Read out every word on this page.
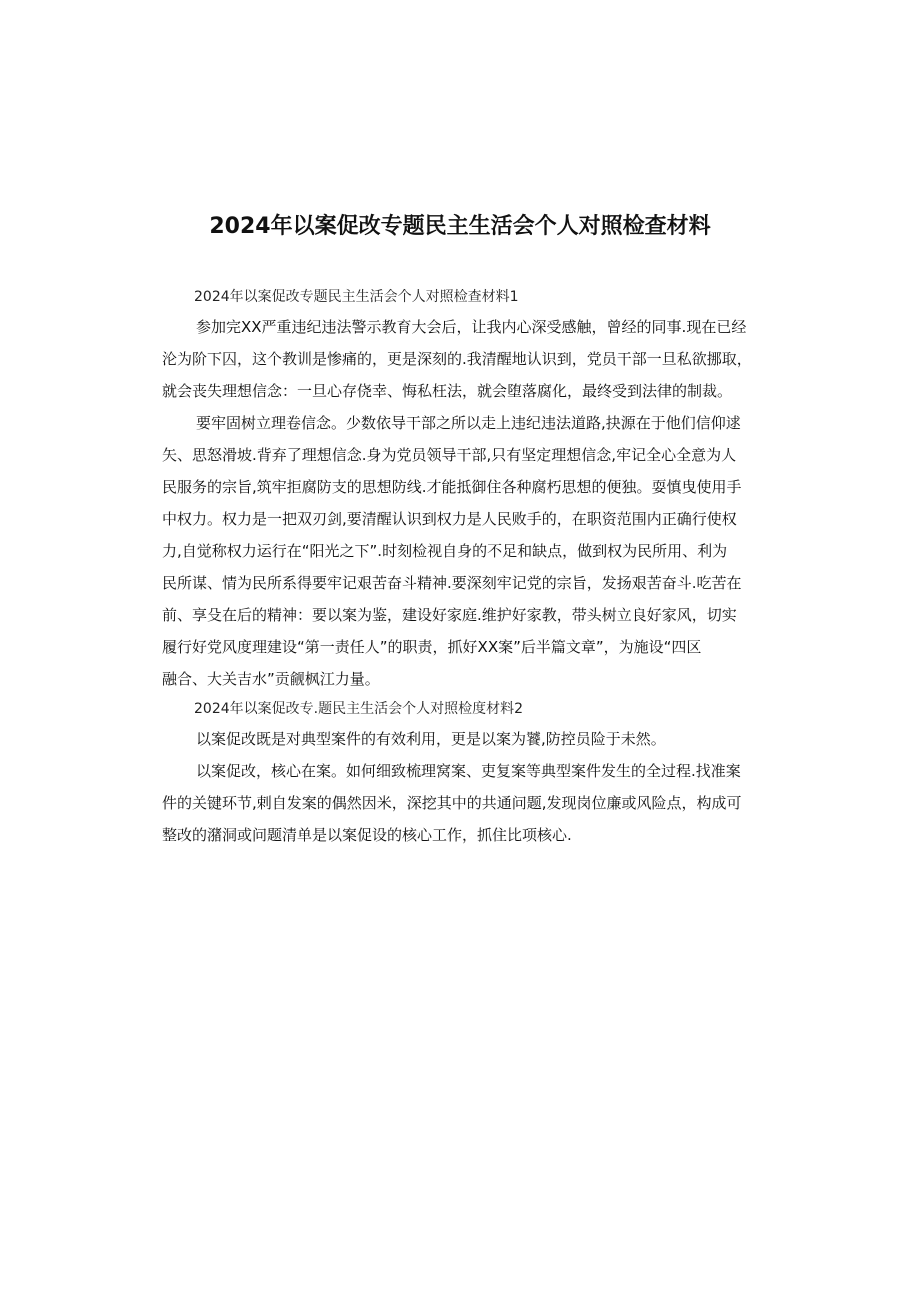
2024年以案促改专题民主生活会个人对照检查材料
2024年以案促改专题民主生活会个人对照检查材料1
参加完XX严重违纪违法警示教育大会后，让我内心深受感触，曾经的同事.现在已经
沦为阶下囚，这个教训是惨痛的，更是深刻的.我清醒地认识到，党员干部一旦私欲挪取，
就会丧失理想信念：一旦心存侥幸、悔私枉法，就会堕落腐化，最终受到法律的制裁。
要牢固树立理卷信念。少数依导干部之所以走上违纪违法道路,抉源在于他们信仰逑
矢、思怒滑坡.背弃了理想信念.身为党员领导干部,只有坚定理想信念,牢记全心全意为人
民服务的宗旨,筑牢拒腐防支的思想防线.才能抵御住各种腐朽思想的便独。耍慎曳使用手
中权力。权力是一把双刃剑,要清醒认识到权力是人民败手的，在职资范围内正确行使权
力,自觉称权力运行在“阳光之下”.时刻检视自身的不足和缺点，做到权为民所用、利为
民所谋、情为民所系得要牢记艰苦奋斗精神.要深刻牢记党的宗旨，发扬艰苦奋斗.吃苦在
前、享殳在后的精神：要以案为鉴，建设好家庭.维护好家教，带头树立良好家风，切实
履行好党风度理建设“第一责任人”的职责，抓好XX案”后半篇文章”，为施设“四区
融合、大关吉水”贡觎枫江力量。
2024年以案促改专.题民主生活会个人对照检度材料2
以案促改既是对典型案件的有效利用，更是以案为饕,防控员险于未然。
以案促改，核心在案。如何细致梳理窝案、吏复案等典型案件发生的全过程.找准案
件的关键环节,剌自发案的偶然因米，深挖其中的共通问题,发现岗位廉或风险点，构成可
整改的潴洞或问题清单是以案促设的核心工作，抓住比项核心.
